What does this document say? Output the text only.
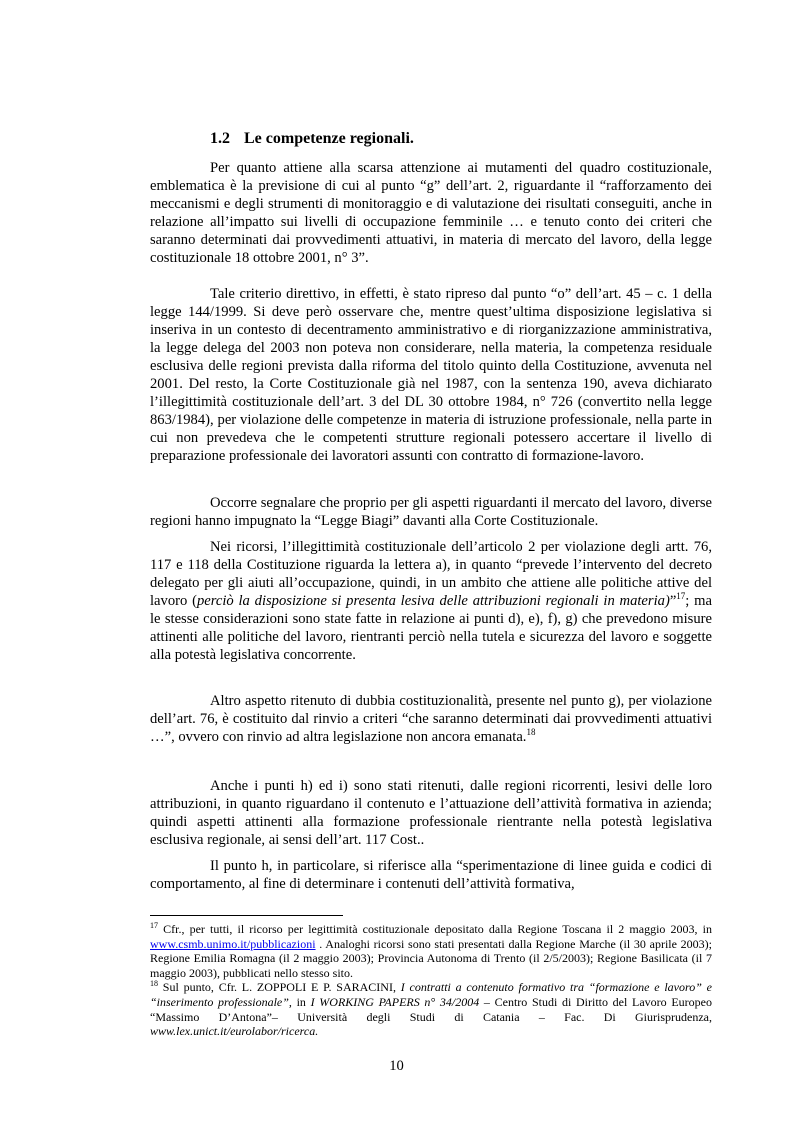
1.2 Le competenze regionali.

Per quanto attiene alla scarsa attenzione ai mutamenti del quadro costituzionale, emblematica è la previsione di cui al punto “g” dell’art. 2, riguardante il “rafforzamento dei meccanismi e degli strumenti di monitoraggio e di valutazione dei risultati conseguiti, anche in relazione all’impatto sui livelli di occupazione femminile … e tenuto conto dei criteri che saranno determinati dai provvedimenti attuativi, in materia di mercato del lavoro, della legge costituzionale 18 ottobre 2001, n° 3”.

Tale criterio direttivo, in effetti, è stato ripreso dal punto “o” dell’art. 45 – c. 1 della legge 144/1999. Si deve però osservare che, mentre quest’ultima disposizione legislativa si inseriva in un contesto di decentramento amministrativo e di riorganizzazione amministrativa, la legge delega del 2003 non poteva non considerare, nella materia, la competenza residuale esclusiva delle regioni prevista dalla riforma del titolo quinto della Costituzione, avvenuta nel 2001. Del resto, la Corte Costituzionale già nel 1987, con la sentenza 190, aveva dichiarato l’illegittimità costituzionale dell’art. 3 del DL 30 ottobre 1984, n° 726 (convertito nella legge 863/1984), per violazione delle competenze in materia di istruzione professionale, nella parte in cui non prevedeva che le competenti strutture regionali potessero accertare il livello di preparazione professionale dei lavoratori assunti con contratto di formazione-lavoro.

Occorre segnalare che proprio per gli aspetti riguardanti il mercato del lavoro, diverse regioni hanno impugnato la “Legge Biagi” davanti alla Corte Costituzionale.

Nei ricorsi, l’illegittimità costituzionale dell’articolo 2 per violazione degli artt. 76, 117 e 118 della Costituzione riguarda la lettera a), in quanto “prevede l’intervento del decreto delegato per gli aiuti all’occupazione, quindi, in un ambito che attiene alle politiche attive del lavoro (perciò la disposizione si presenta lesiva delle attribuzioni regionali in materia)”$^{17}$; ma le stesse considerazioni sono state fatte in relazione ai punti d), e), f), g) che prevedono misure attinenti alle politiche del lavoro, rientranti perciò nella tutela e sicurezza del lavoro e soggette alla potestà legislativa concorrente.

Altro aspetto ritenuto di dubbia costituzionalità, presente nel punto g), per violazione dell’art. 76, è costituito dal rinvio a criteri “che saranno determinati dai provvedimenti attuativi …”, ovvero con rinvio ad altra legislazione non ancora emanata.$^{18}$

Anche i punti h) ed i) sono stati ritenuti, dalle regioni ricorrenti, lesivi delle loro attribuzioni, in quanto riguardano il contenuto e l’attuazione dell’attività formativa in azienda; quindi aspetti attinenti alla formazione professionale rientrante nella potestà legislativa esclusiva regionale, ai sensi dell’art. 117 Cost..

Il punto h, in particolare, si riferisce alla “sperimentazione di linee guida e codici di comportamento, al fine di determinare i contenuti dell’attività formativa,

$^{17}$ Cfr., per tutti, il ricorso per legittimità costituzionale depositato dalla Regione Toscana il 2 maggio 2003, in www.csmb.unimo.it/pubblicazioni . Analoghi ricorsi sono stati presentati dalla Regione Marche (il 30 aprile 2003); Regione Emilia Romagna (il 2 maggio 2003); Provincia Autonoma di Trento (il 2/5/2003); Regione Basilicata (il 7 maggio 2003), pubblicati nello stesso sito.

$^{18}$ Sul punto, Cfr. L. ZOPPOLI E P. SARACINI, I contratti a contenuto formativo tra “formazione e lavoro” e “inserimento professionale”, in I WORKING PAPERS n° 34/2004 – Centro Studi di Diritto del Lavoro Europeo “Massimo D’Antona”– Università degli Studi di Catania – Fac. Di Giurisprudenza, www.lex.unict.it/eurolabor/ricerca.

10
